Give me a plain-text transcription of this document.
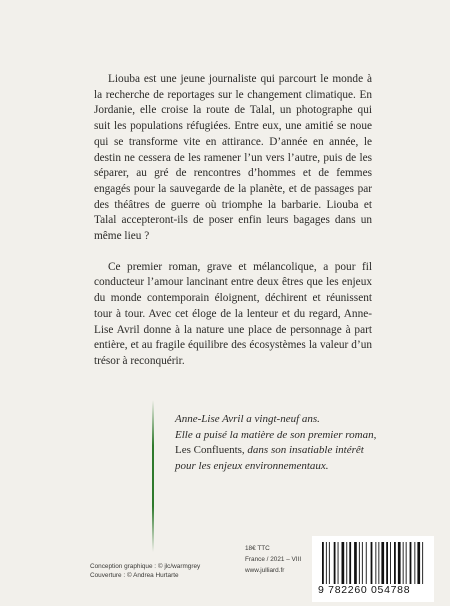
Liouba est une jeune journaliste qui parcourt le monde à la recherche de reportages sur le changement climatique. En Jordanie, elle croise la route de Talal, un photographe qui suit les populations réfugiées. Entre eux, une amitié se noue qui se transforme vite en attirance. D’année en année, le destin ne cessera de les ramener l’un vers l’autre, puis de les séparer, au gré de rencontres d’hommes et de femmes engagés pour la sauvegarde de la planète, et de passages par des théâtres de guerre où triomphe la barbarie. Liouba et Talal accepteront-ils de poser enfin leurs bagages dans un même lieu ?

Ce premier roman, grave et mélancolique, a pour fil conducteur l’amour lancinant entre deux êtres que les enjeux du monde contemporain éloignent, déchirent et réunissent tour à tour. Avec cet éloge de la lenteur et du regard, Anne-Lise Avril donne à la nature une place de personnage à part entière, et au fragile équilibre des écosystèmes la valeur d’un trésor à reconquérir.

Anne-Lise Avril a vingt-neuf ans.
Elle a puisé la matière de son premier roman,
Les Confluents, dans son insatiable intérêt
pour les enjeux environnementaux.
Conception graphique : © jlc/warmgrey
Couverture : © Andrea Hurtarte
18€ TTC
France / 2021 – VIII
www.julliard.fr
9 782260 054788
